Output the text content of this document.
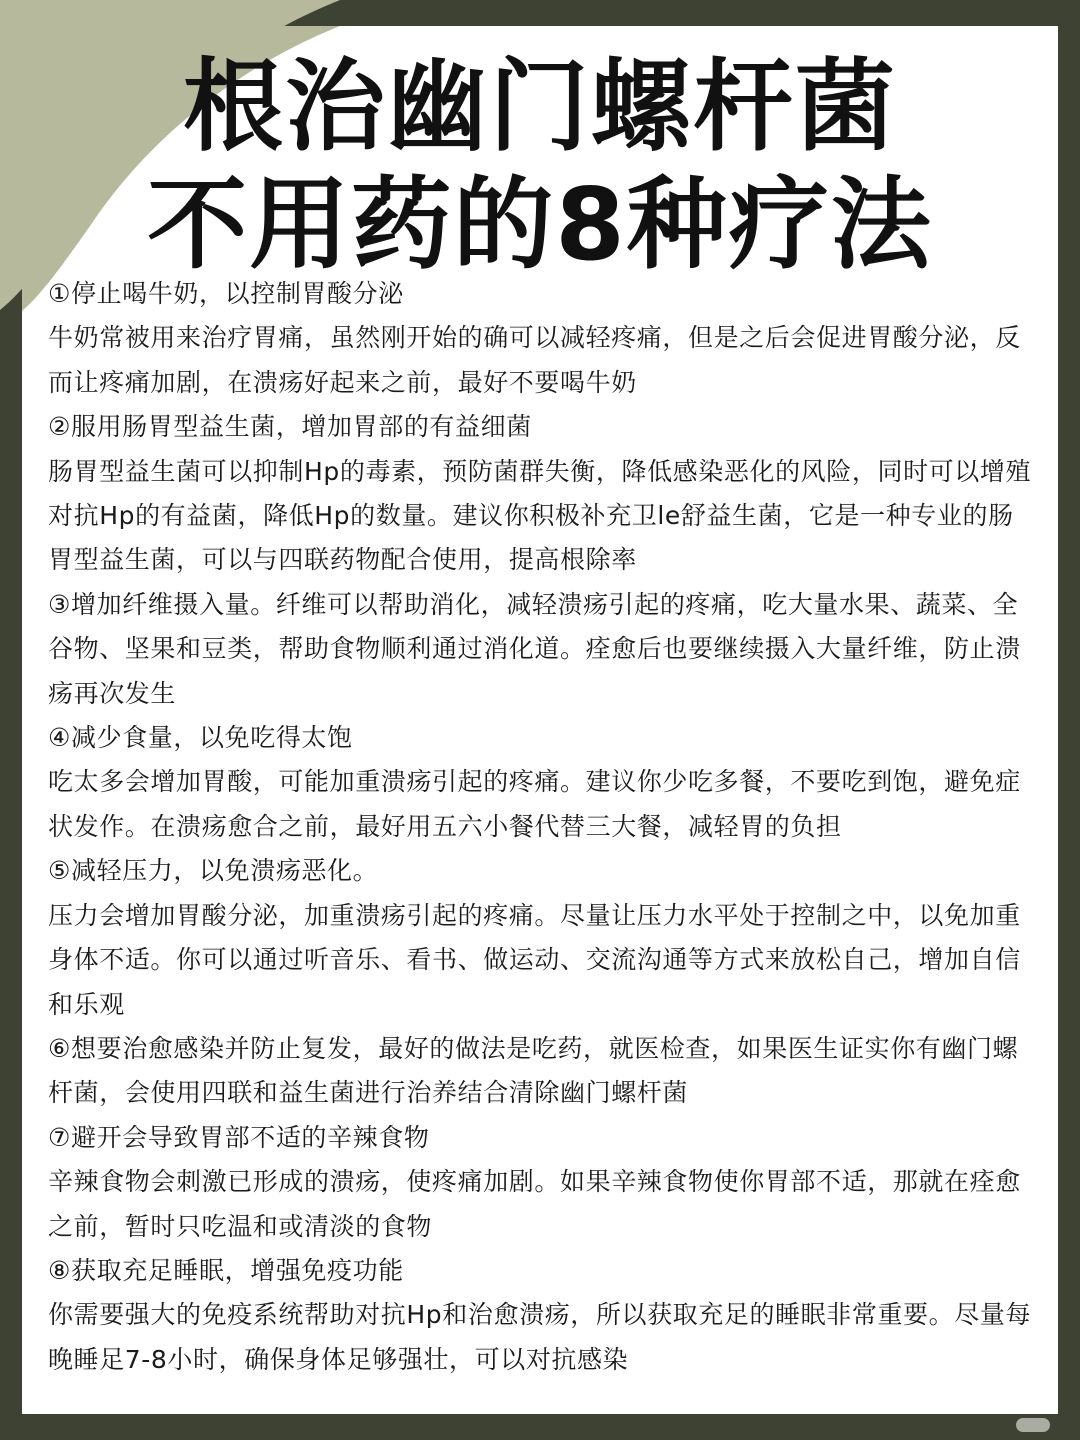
根治幽门螺杆菌
不用药的8种疗法

①停止喝牛奶，以控制胃酸分泌

牛奶常被用来治疗胃痛，虽然刚开始的确可以减轻疼痛，但是之后会促进胃酸分泌，反而让疼痛加剧，在溃疡好起来之前，最好不要喝牛奶

②服用肠胃型益生菌，增加胃部的有益细菌

肠胃型益生菌可以抑制Hp的毒素，预防菌群失衡，降低感染恶化的风险，同时可以增殖对抗Hp的有益菌，降低Hp的数量。建议你积极补充卫le舒益生菌，它是一种专业的肠胃型益生菌，可以与四联药物配合使用，提高根除率

③增加纤维摄入量。纤维可以帮助消化，减轻溃疡引起的疼痛，吃大量水果、蔬菜、全谷物、坚果和豆类，帮助食物顺利通过消化道。痊愈后也要继续摄入大量纤维，防止溃疡再次发生

④减少食量，以免吃得太饱

吃太多会增加胃酸，可能加重溃疡引起的疼痛。建议你少吃多餐，不要吃到饱，避免症状发作。在溃疡愈合之前，最好用五六小餐代替三大餐，减轻胃的负担

⑤减轻压力，以免溃疡恶化。

压力会增加胃酸分泌，加重溃疡引起的疼痛。尽量让压力水平处于控制之中，以免加重身体不适。你可以通过听音乐、看书、做运动、交流沟通等方式来放松自己，增加自信和乐观

⑥想要治愈感染并防止复发，最好的做法是吃药，就医检查，如果医生证实你有幽门螺杆菌，会使用四联和益生菌进行治养结合清除幽门螺杆菌

⑦避开会导致胃部不适的辛辣食物

辛辣食物会刺激已形成的溃疡，使疼痛加剧。如果辛辣食物使你胃部不适，那就在痊愈之前，暂时只吃温和或清淡的食物

⑧获取充足睡眠，增强免疫功能

你需要强大的免疫系统帮助对抗Hp和治愈溃疡，所以获取充足的睡眠非常重要。尽量每晚睡足7-8小时，确保身体足够强壮，可以对抗感染
